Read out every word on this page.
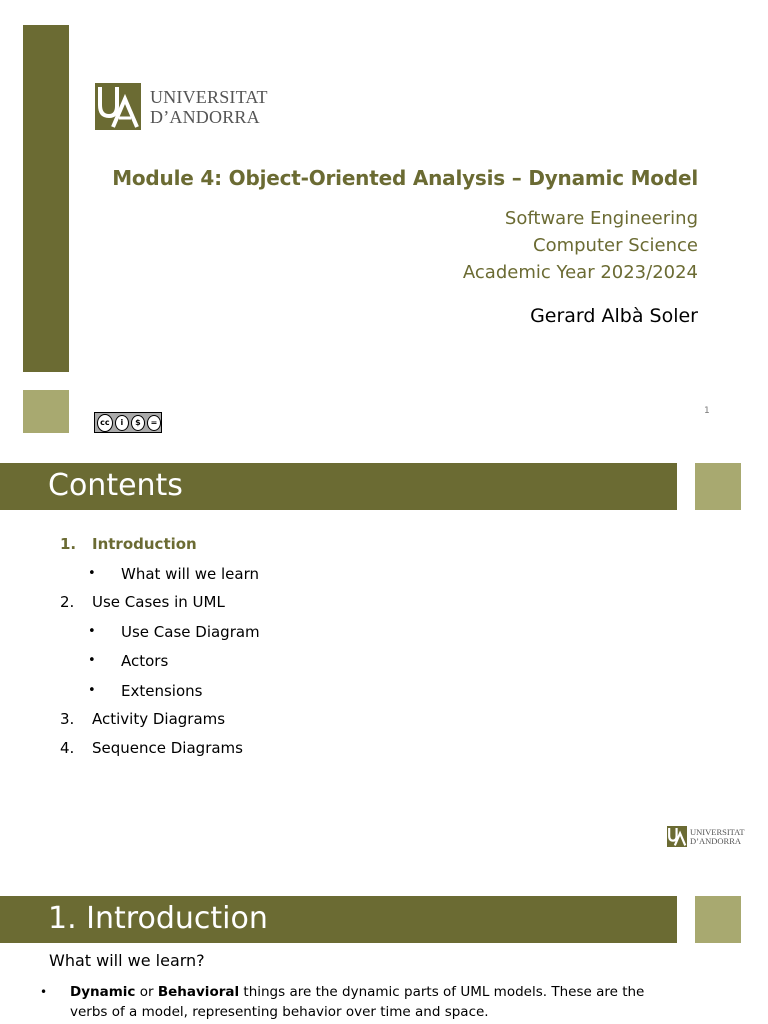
UNIVERSITAT
D’ANDORRA
Module 4: Object-Oriented Analysis – Dynamic Model
Software Engineering
Computer Science
Academic Year 2023/2024
Gerard Albà Soler
1
cc	i	$	=
Contents
1. Introduction
• What will we learn
2. Use Cases in UML
• Use Case Diagram
• Actors
• Extensions
3. Activity Diagrams
4. Sequence Diagrams
UNIVERSITAT
D’ANDORRA
1. Introduction
What will we learn?
• Dynamic or Behavioral things are the dynamic parts of UML models. These are the verbs of a model, representing behavior over time and space.
